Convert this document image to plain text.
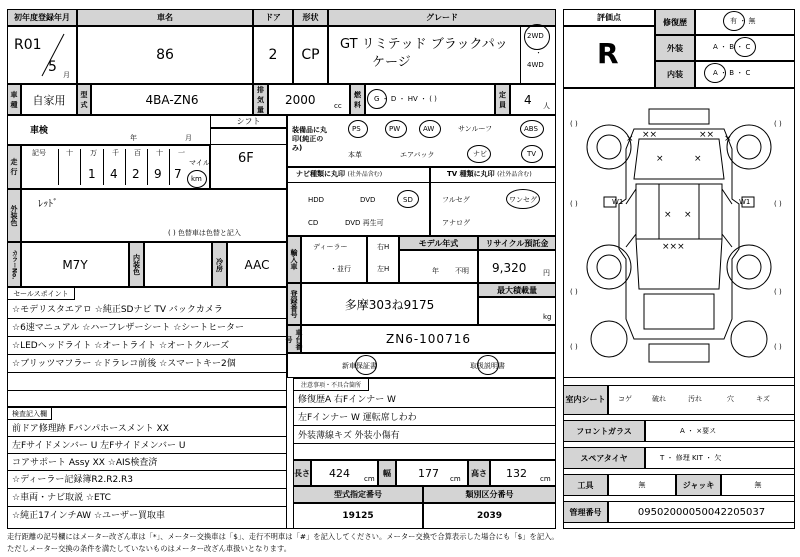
初年度登録年月	車名	ドア	形状	グレード
R01
5 月
86	2	CP
GT リミテッド ブラックパッ
ケージ
2WD
・
4WD
車種	自家用	型式	4BA-ZN6
排気量
2000	cc
燃料
G ・ D ・ HV ・ ( )
定員	4 人
車検
年	月
シフト
6F
走行
記号	十 万 千 百 十 一
マイル
1 4 2 9 7 km
外装色
ﾚｯﾄﾞ
( ) 色替車は色替と記入
カラーNo.	M7Y	内装色	冷房	AAC
装備品に丸印(純正のみ)
PS	PW	AW	サンルーフ	ABS
本革	エアバック	ナビ	TV
ナビ種類に丸印 (社外品含む)
HDD	DVD	SD
CD	DVD 再生可
TV 種類に丸印 (社外品含む)
フルセグ	ワンセグ
アナログ
輸入車
ディーラー
・並行
右H
左H
モデル年式
年 不明
リサイクル預託金
9,320 円
登録番号	多摩303ね9175
最大積載量
kg
車台番号	ZN6-100716
新車保証書	取扱説明書
セールスポイント
☆モデリスタエアロ ☆純正SDナビ TV バックカメラ
☆6速マニュアル ☆ハーフレザーシート ☆シートヒーター
☆LEDヘッドライト ☆オートライト ☆オートクルーズ
☆ブリッツマフラー ☆ドラレコ前後 ☆スマートキー2個
検査記入欄
前ドア修理跡 Fバンパホースメント XX
左Fサイドメンバー U 左Fサイドメンバー U
コアサポート Assy XX ☆AIS検査済
☆ディーラー記録簿R2.R2.R3
☆車両・ナビ取説 ☆ETC
☆純正17インチAW ☆ユーザー買取車
注意事項・不具合箇所
修復歴A 右Fインナー W
左Fインナー W 運転席しわわ
外装薄線キズ 外装小傷有
長さ 424 cm
幅	177 cm
高さ 132 cm
型式指定番号
19125
類別区分番号
2039
評価点
R
修復歴	有 ・ 無
外装	A ・ B ・ C
内装	A ・ B ・ C
××	××
×	×
×	×
× ×
×××
W1	W1
( )	( )
( )	( )
( )	( )
( )	( )
室内シート コゲ	破れ	汚れ	穴	キズ
フロントガラス	A ・ ×要ス
スペアタイヤ	T ・ 修理 KIT ・ 欠
工具	無	ジャッキ	無
管理番号	09502000050042205037
走行距離の記号欄にはメーター改ざん車は「*」、メーター交換車は「$」、走行不明車は「#」を記入してください。メーター交換で合算表示した場合にも「$」を記入。
ただしメーター交換の条件を満たしていないものはメーター改ざん車扱いとなります。
